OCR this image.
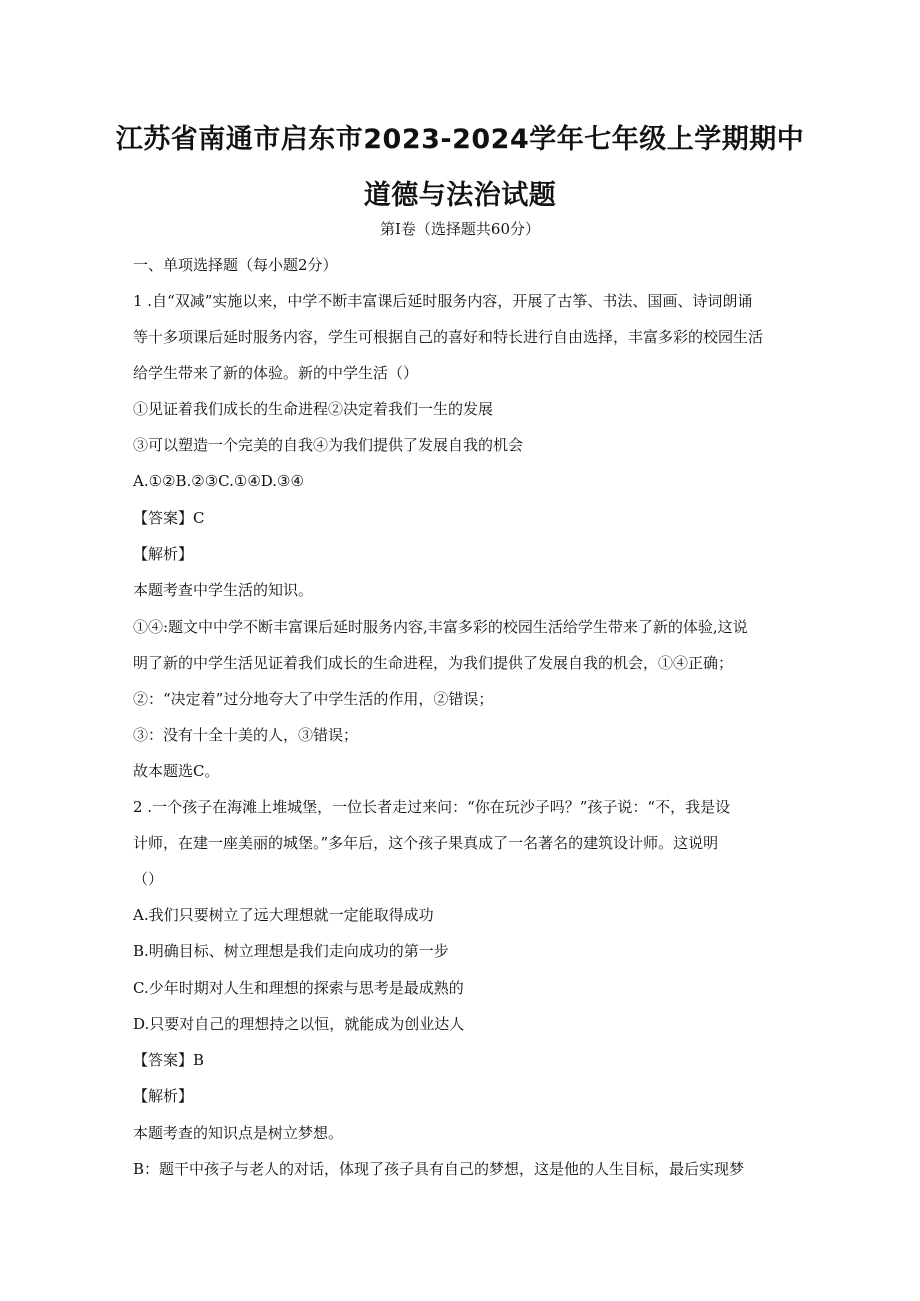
江苏省南通市启东市2023-2024学年七年级上学期期中
道德与法治试题
第Ⅰ卷（选择题共60分）
一、单项选择题（每小题2分）
1 .自“双减”实施以来，中学不断丰富课后延时服务内容，开展了古筝、书法、国画、诗词朗诵
等十多项课后延时服务内容，学生可根据自己的喜好和特长进行自由选择，丰富多彩的校园生活
给学生带来了新的体验。新的中学生活（）
①见证着我们成长的生命进程②决定着我们一生的发展
③可以塑造一个完美的自我④为我们提供了发展自我的机会
A.①②B.②③C.①④D.③④
【答案】C
【解析】
本题考查中学生活的知识。
①④:题文中中学不断丰富课后延时服务内容,丰富多彩的校园生活给学生带来了新的体验,这说
明了新的中学生活见证着我们成长的生命进程，为我们提供了发展自我的机会，①④正确；
②：“决定着”过分地夸大了中学生活的作用，②错误；
③：没有十全十美的人，③错误；
故本题选C。
2 .一个孩子在海滩上堆城堡，一位长者走过来问：“你在玩沙子吗？”孩子说：“不，我是设
计师，在建一座美丽的城堡。”多年后，这个孩子果真成了一名著名的建筑设计师。这说明
（）
A.我们只要树立了远大理想就一定能取得成功
B.明确目标、树立理想是我们走向成功的第一步
C.少年时期对人生和理想的探索与思考是最成熟的
D.只要对自己的理想持之以恒，就能成为创业达人
【答案】B
【解析】
本题考查的知识点是树立梦想。
B：题干中孩子与老人的对话，体现了孩子具有自己的梦想，这是他的人生目标，最后实现梦
